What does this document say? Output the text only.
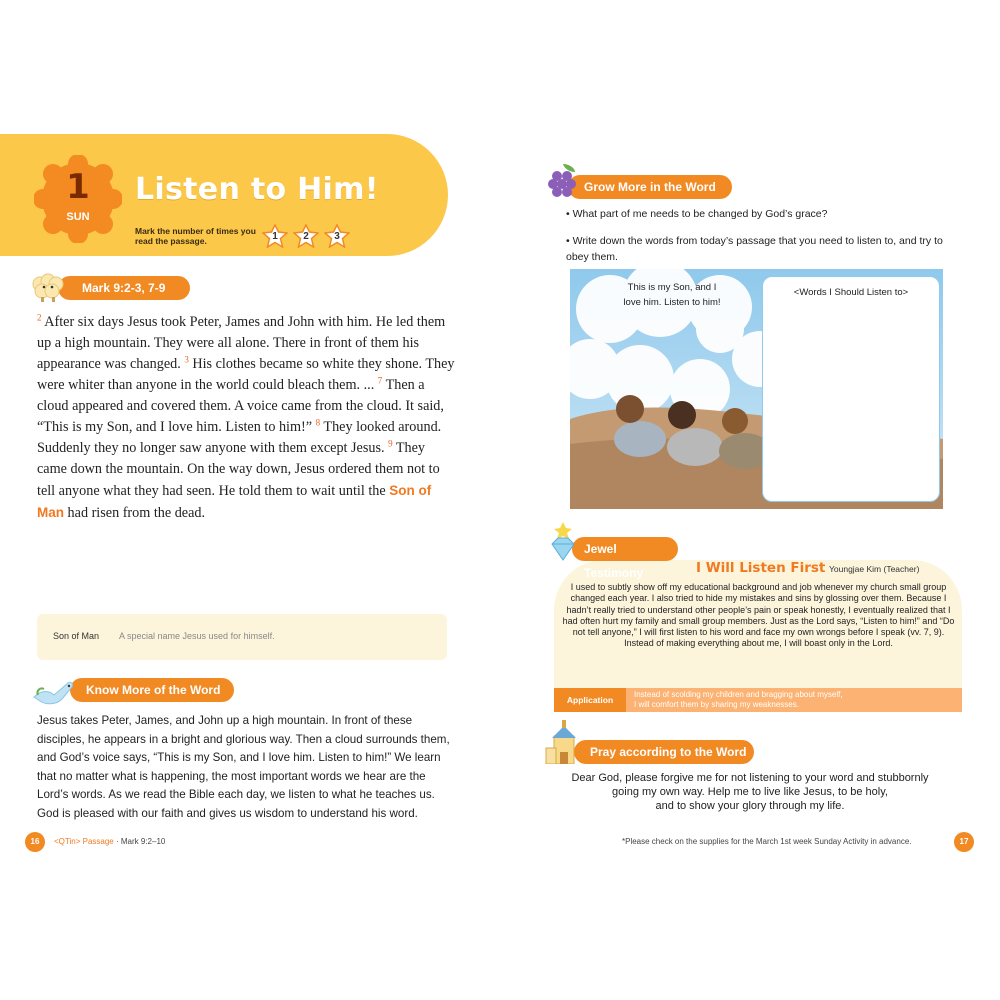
1
SUN
Listen to Him!
Mark the number of times you read the passage.	1	2	3
Mark 9:2-3, 7-9
$^2$ After six days Jesus took Peter, James and John with him. He led them up a high mountain. They were all alone. There in front of them his appearance was changed. $^3$ His clothes became so white they shone. They were whiter than anyone in the world could bleach them. ... $^7$ Then a cloud appeared and covered them. A voice came from the cloud. It said, “This is my Son, and I love him. Listen to him!” $^8$ They looked around. Suddenly they no longer saw anyone with them except Jesus. $^9$ They came down the mountain. On the way down, Jesus ordered them not to tell anyone what they had seen. He told them to wait until the Son of Man had risen from the dead.
Son of Man A special name Jesus used for himself.
Know More of the Word
Jesus takes Peter, James, and John up a high mountain. In front of these disciples, he appears in a bright and glorious way. Then a cloud surrounds them, and God’s voice says, “This is my Son, and I love him. Listen to him!” We learn that no matter what is happening, the most important words we hear are the Lord’s words. As we read the Bible each day, we listen to what he teaches us. God is pleased with our faith and gives us wisdom to understand his word.
16	<QTin> Passage · Mark 9:2–10
Grow More in the Word
• What part of me needs to be changed by God’s grace?
• Write down the words from today’s passage that you need to listen to, and try to obey them.
This is my Son, and I love him. Listen to him!
<Words I Should Listen to>
Jewel Testimony	I Will Listen First Youngjae Kim (Teacher)
I used to subtly show off my educational background and job whenever my church small group changed each year. I also tried to hide my mistakes and sins by glossing over them. Because I hadn’t really tried to understand other people’s pain or speak honestly, I eventually realized that I had often hurt my family and small group members. Just as the Lord says, “Listen to him!” and “Do not tell anyone,” I will first listen to his word and face my own wrongs before I speak (vv. 7, 9). Instead of making everything about me, I will boast only in the Lord.
Application
Instead of scolding my children and bragging about myself,
I will comfort them by sharing my weaknesses.
Pray according to the Word
Dear God, please forgive me for not listening to your word and stubbornly
going my own way. Help me to live like Jesus, to be holy,
and to show your glory through my life.
*Please check on the supplies for the March 1st week Sunday Activity in advance.	17
